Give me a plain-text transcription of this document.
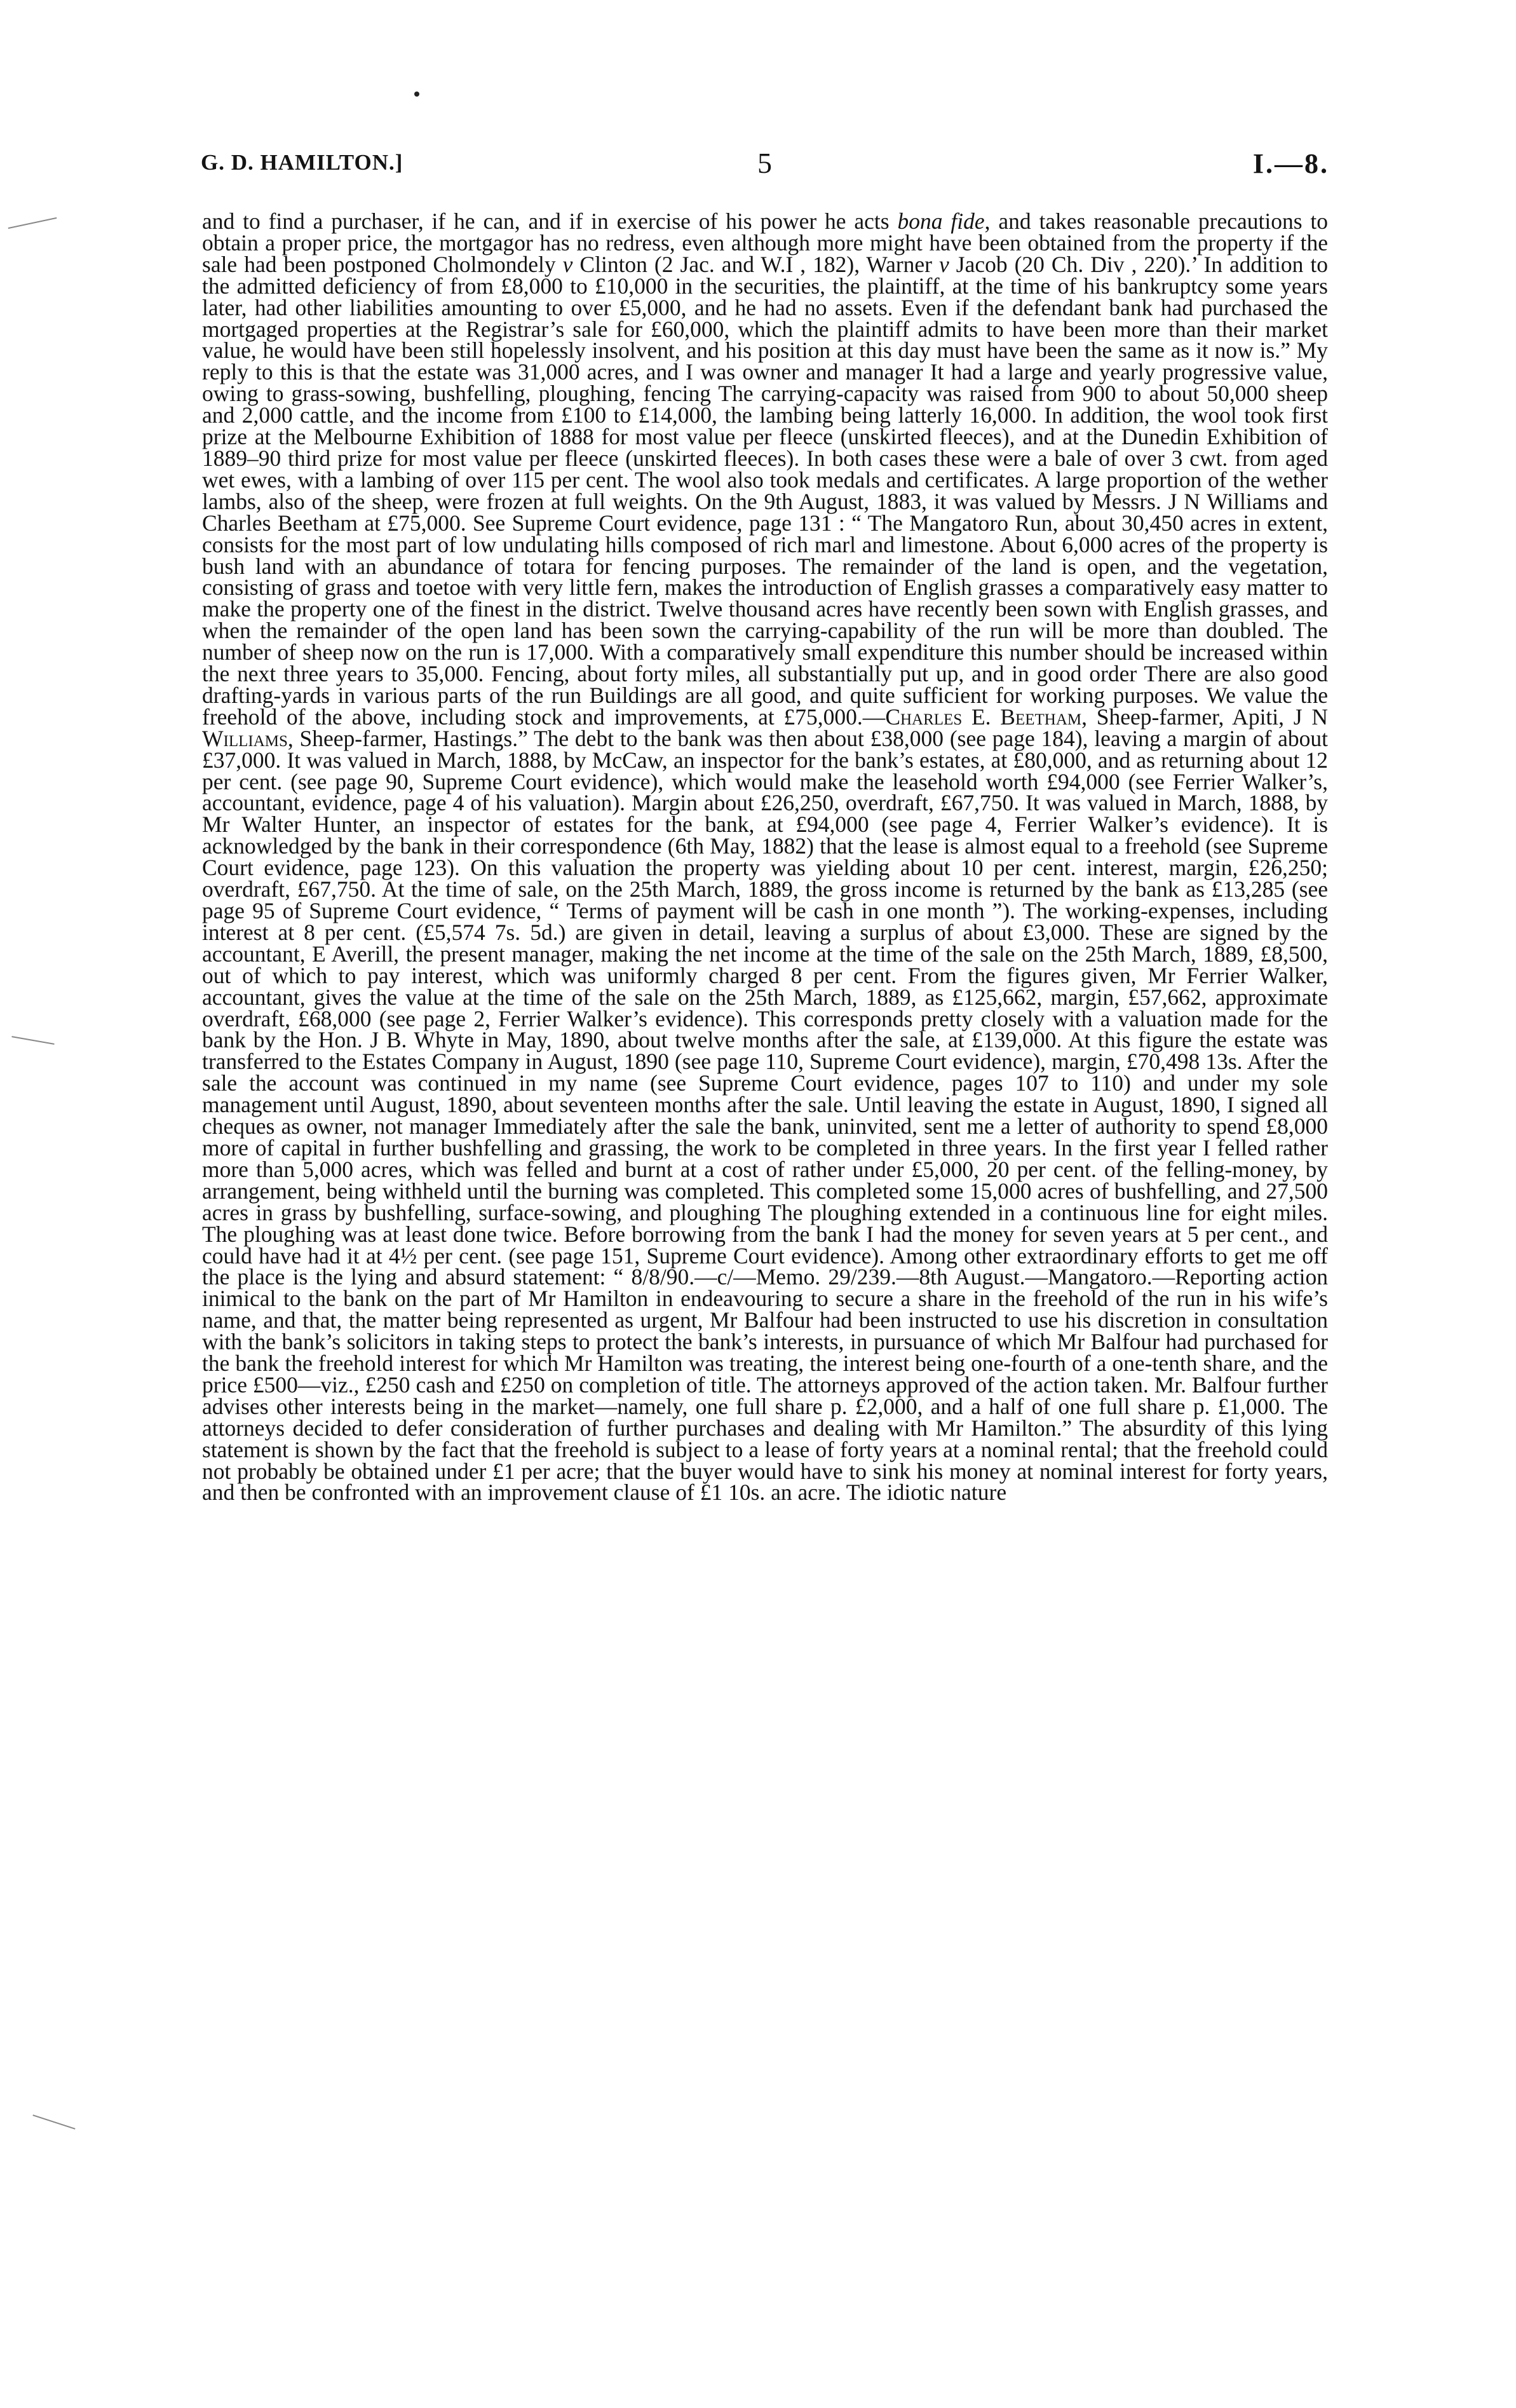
G. D. HAMILTON.]	5	I.—8.

and to find a purchaser, if he can, and if in exercise of his power he acts bona fide, and takes reasonable precautions to obtain a proper price, the mortgagor has no redress, even although more might have been obtained from the property if the sale had been postponed Cholmondely v Clinton (2 Jac. and W.I , 182), Warner v Jacob (20 Ch. Div , 220).’ In addition to the admitted deficiency of from £8,000 to £10,000 in the securities, the plaintiff, at the time of his bankruptcy some years later, had other liabilities amounting to over £5,000, and he had no assets. Even if the defendant bank had purchased the mortgaged properties at the Registrar’s sale for £60,000, which the plaintiff admits to have been more than their market value, he would have been still hopelessly insolvent, and his position at this day must have been the same as it now is.” My reply to this is that the estate was 31,000 acres, and I was owner and manager It had a large and yearly progressive value, owing to grass-sowing, bushfelling, ploughing, fencing The carrying-capacity was raised from 900 to about 50,000 sheep and 2,000 cattle, and the income from £100 to £14,000, the lambing being latterly 16,000. In addition, the wool took first prize at the Melbourne Exhibition of 1888 for most value per fleece (unskirted fleeces), and at the Dunedin Exhibition of 1889–90 third prize for most value per fleece (unskirted fleeces). In both cases these were a bale of over 3 cwt. from aged wet ewes, with a lambing of over 115 per cent. The wool also took medals and certificates. A large proportion of the wether lambs, also of the sheep, were frozen at full weights. On the 9th August, 1883, it was valued by Messrs. J N Williams and Charles Beetham at £75,000. See Supreme Court evidence, page 131 : “ The Mangatoro Run, about 30,450 acres in extent, consists for the most part of low undulating hills composed of rich marl and limestone. About 6,000 acres of the property is bush land with an abundance of totara for fencing purposes. The remainder of the land is open, and the vegetation, consisting of grass and toetoe with very little fern, makes the introduction of English grasses a comparatively easy matter to make the property one of the finest in the district. Twelve thousand acres have recently been sown with English grasses, and when the remainder of the open land has been sown the carrying-capability of the run will be more than doubled. The number of sheep now on the run is 17,000. With a comparatively small expenditure this number should be increased within the next three years to 35,000. Fencing, about forty miles, all substantially put up, and in good order There are also good drafting-yards in various parts of the run Buildings are all good, and quite sufficient for working purposes. We value the freehold of the above, including stock and improvements, at £75,000.—Charles E. Beetham, Sheep-farmer, Apiti, J N Williams, Sheep-farmer, Hastings.” The debt to the bank was then about £38,000 (see page 184), leaving a margin of about £37,000. It was valued in March, 1888, by McCaw, an inspector for the bank’s estates, at £80,000, and as returning about 12 per cent. (see page 90, Supreme Court evidence), which would make the leasehold worth £94,000 (see Ferrier Walker’s, accountant, evidence, page 4 of his valuation). Margin about £26,250, overdraft, £67,750. It was valued in March, 1888, by Mr Walter Hunter, an inspector of estates for the bank, at £94,000 (see page 4, Ferrier Walker’s evidence). It is acknowledged by the bank in their correspondence (6th May, 1882) that the lease is almost equal to a freehold (see Supreme Court evidence, page 123). On this valuation the property was yielding about 10 per cent. interest, margin, £26,250; overdraft, £67,750. At the time of sale, on the 25th March, 1889, the gross income is returned by the bank as £13,285 (see page 95 of Supreme Court evidence, “ Terms of payment will be cash in one month ”). The working-expenses, including interest at 8 per cent. (£5,574 7s. 5d.) are given in detail, leaving a surplus of about £3,000. These are signed by the accountant, E Averill, the present manager, making the net income at the time of the sale on the 25th March, 1889, £8,500, out of which to pay interest, which was uniformly charged 8 per cent. From the figures given, Mr Ferrier Walker, accountant, gives the value at the time of the sale on the 25th March, 1889, as £125,662, margin, £57,662, approximate overdraft, £68,000 (see page 2, Ferrier Walker’s evidence). This corresponds pretty closely with a valuation made for the bank by the Hon. J B. Whyte in May, 1890, about twelve months after the sale, at £139,000. At this figure the estate was transferred to the Estates Company in August, 1890 (see page 110, Supreme Court evidence), margin, £70,498 13s. After the sale the account was continued in my name (see Supreme Court evidence, pages 107 to 110) and under my sole management until August, 1890, about seventeen months after the sale. Until leaving the estate in August, 1890, I signed all cheques as owner, not manager Immediately after the sale the bank, uninvited, sent me a letter of authority to spend £8,000 more of capital in further bushfelling and grassing, the work to be completed in three years. In the first year I felled rather more than 5,000 acres, which was felled and burnt at a cost of rather under £5,000, 20 per cent. of the felling-money, by arrangement, being withheld until the burning was completed. This completed some 15,000 acres of bushfelling, and 27,500 acres in grass by bushfelling, surface-sowing, and ploughing The ploughing extended in a continuous line for eight miles. The ploughing was at least done twice. Before borrowing from the bank I had the money for seven years at 5 per cent., and could have had it at 4½ per cent. (see page 151, Supreme Court evidence). Among other extraordinary efforts to get me off the place is the lying and absurd statement: “ 8/8/90.—c/—Memo. 29/239.—8th August.—Mangatoro.—Reporting action inimical to the bank on the part of Mr Hamilton in endeavouring to secure a share in the freehold of the run in his wife’s name, and that, the matter being represented as urgent, Mr Balfour had been instructed to use his discretion in consultation with the bank’s solicitors in taking steps to protect the bank’s interests, in pursuance of which Mr Balfour had purchased for the bank the freehold interest for which Mr Hamilton was treating, the interest being one-fourth of a one-tenth share, and the price £500—viz., £250 cash and £250 on completion of title. The attorneys approved of the action taken. Mr. Balfour further advises other interests being in the market—namely, one full share p. £2,000, and a half of one full share p. £1,000. The attorneys decided to defer consideration of further purchases and dealing with Mr Hamilton.” The absurdity of this lying statement is shown by the fact that the freehold is subject to a lease of forty years at a nominal rental; that the freehold could not probably be obtained under £1 per acre; that the buyer would have to sink his money at nominal interest for forty years, and then be confronted with an improvement clause of £1 10s. an acre. The idiotic nature
